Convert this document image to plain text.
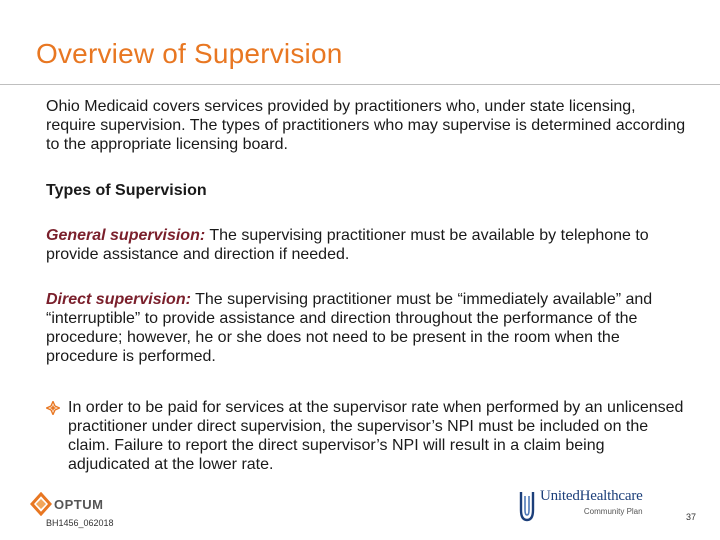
Overview of Supervision
Ohio Medicaid covers services provided by practitioners who, under state licensing, require supervision. The types of practitioners who may supervise is determined according to the appropriate licensing board.
Types of Supervision
General supervision: The supervising practitioner must be available by telephone to provide assistance and direction if needed.
Direct supervision: The supervising practitioner must be “immediately available” and “interruptible” to provide assistance and direction throughout the performance of the procedure; however, he or she does not need to be present in the room when the procedure is performed.
In order to be paid for services at the supervisor rate when performed by an unlicensed practitioner under direct supervision, the supervisor’s NPI must be included on the claim. Failure to report the direct supervisor’s NPI will result in a claim being adjudicated at the lower rate.
OPTUM
BH1456_062018
UnitedHealthcare
Community Plan
37
